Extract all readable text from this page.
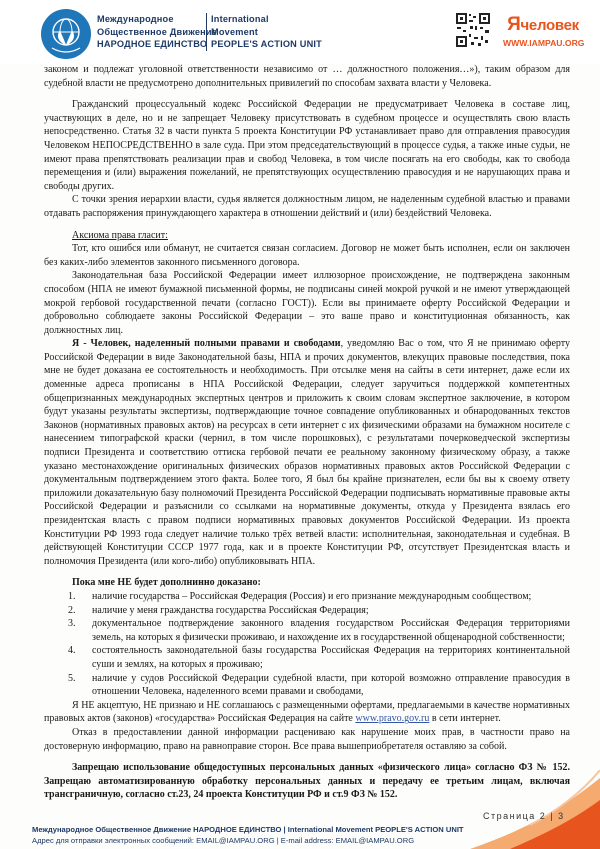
Международное
Общественное Движение
НАРОДНОЕ ЕДИНСТВО
International
Movement
PEOPLE'S ACTION UNIT
Ячеловек
WWW.IAMPAU.ORG

законом и подлежат уголовной ответственности независимо от … должностного положения…»), таким образом для судебной власти не предусмотрено дополнительных привилегий по способам захвата власти у Человека.

Гражданский процессуальный кодекс Российской Федерации не предусматривает Человека в составе лиц, участвующих в деле, но и не запрещает Человеку присутствовать в судебном процессе и осуществлять свою власть непосредственно. Статья 32 в части пункта 5 проекта Конституции РФ устанавливает право для отправления правосудия Человеком НЕПОСРЕДСТВЕННО в зале суда. При этом председательствующий в процессе судья, а также иные судьи, не имеют права препятствовать реализации прав и свобод Человека, в том числе посягать на его свободы, как то свобода перемещения и (или) выражения пожеланий, не препятствующих осуществлению правосудия и не нарушающих права и свободы других.

С точки зрения иерархии власти, судья является должностным лицом, не наделенным судебной властью и правами отдавать распоряжения принуждающего характера в отношении действий и (или) бездействий Человека.

Аксиома права гласит:

Тот, кто ошибся или обманут, не считается связан согласием. Договор не может быть исполнен, если он заключен без каких-либо элементов законного письменного договора.

Законодательная база Российской Федерации имеет иллюзорное происхождение, не подтверждена законным способом (НПА не имеют бумажной письменной формы, не подписаны синей мокрой ручкой и не имеют утверждающей мокрой гербовой государственной печати (согласно ГОСТ)). Если вы принимаете оферту Российской Федерации и добровольно соблюдаете законы Российской Федерации – это ваше право и конституционная обязанность, как должностных лиц.

Я - Человек, наделенный полными правами и свободами, уведомляю Вас о том, что Я не принимаю оферту Российской Федерации в виде Законодательной базы, НПА и прочих документов, влекущих правовые последствия, пока мне не будет доказана ее состоятельность и необходимость. При отсылке меня на сайты в сети интернет, даже если их доменные адреса прописаны в НПА Российской Федерации, следует заручиться поддержкой компетентных общепризнанных международных экспертных центров и приложить к своим словам экспертное заключение, в котором будут указаны результаты экспертизы, подтверждающие точное совпадение опубликованных и обнародованных текстов Законов (нормативных правовых актов) на ресурсах в сети интернет с их физическими образами на бумажном носителе с нанесением типографской краски (чернил, в том числе порошковых), с результатами почерковедческой экспертизы подписи Президента и соответствию оттиска гербовой печати ее реальному законному физическому образу, а также указано местонахождение оригинальных физических образов нормативных правовых актов Российской Федерации с документальным подтверждением этого факта. Более того, Я был бы крайне признателен, если бы вы к своему ответу приложили доказательную базу полномочий Президента Российской Федерации подписывать нормативные правовые акты Российской Федерации и разъяснили со ссылками на нормативные документы, откуда у Президента взялась его президентская власть с правом подписи нормативных правовых документов Российской Федерации. Из проекта Конституции РФ 1993 года следует наличие только трёх ветвей власти: исполнительная, законодательная и судебная. В действующей Конституции СССР 1977 года, как и в проекте Конституции РФ, отсутствует Президентская власть и полномочия Президента (или кого-либо) опубликовывать НПА.

Пока мне НЕ будет дополнинно доказано:

1. наличие государства – Российская Федерация (Россия) и его признание международным сообществом;
2. наличие у меня гражданства государства Российская Федерация;
3. документальное подтверждение законного владения государством Российская Федерация территориями земель, на которых я физически проживаю, и нахождение их в государственной общенародной собственности;
4. состоятельность законодательной базы государства Российская Федерация на территориях континентальной суши и землях, на которых я проживаю;
5. наличие у судов Российской Федерации судебной власти, при которой возможно отправление правосудия в отношении Человека, наделенного всеми правами и свободами,

Я НЕ акцептую, НЕ признаю и НЕ соглашаюсь с размещенными офертами, предлагаемыми в качестве нормативных правовых актов (законов) «государства» Российская Федерация на сайте www.pravo.gov.ru в сети интернет.

Отказ в предоставлении данной информации расцениваю как нарушение моих прав, в частности право на достоверную информацию, право на равноправие сторон. Все права вышеприобретателя оставляю за собой.

Запрещаю использование общедоступных персональных данных «физического лица» согласно ФЗ № 152. Запрещаю автоматизированную обработку персональных данных и передачу ее третьим лицам, включая трансграничную, согласно ст.23, 24 проекта Конституции РФ и ст.9 ФЗ № 152.

Страница 2 | 3
Международное Общественное Движение НАРОДНОЕ ЕДИНСТВО | International Movement PEOPLE'S ACTION UNIT
Адрес для отправки электронных сообщений: EMAIL@IAMPAU.ORG | E-mail address: EMAIL@IAMPAU.ORG
